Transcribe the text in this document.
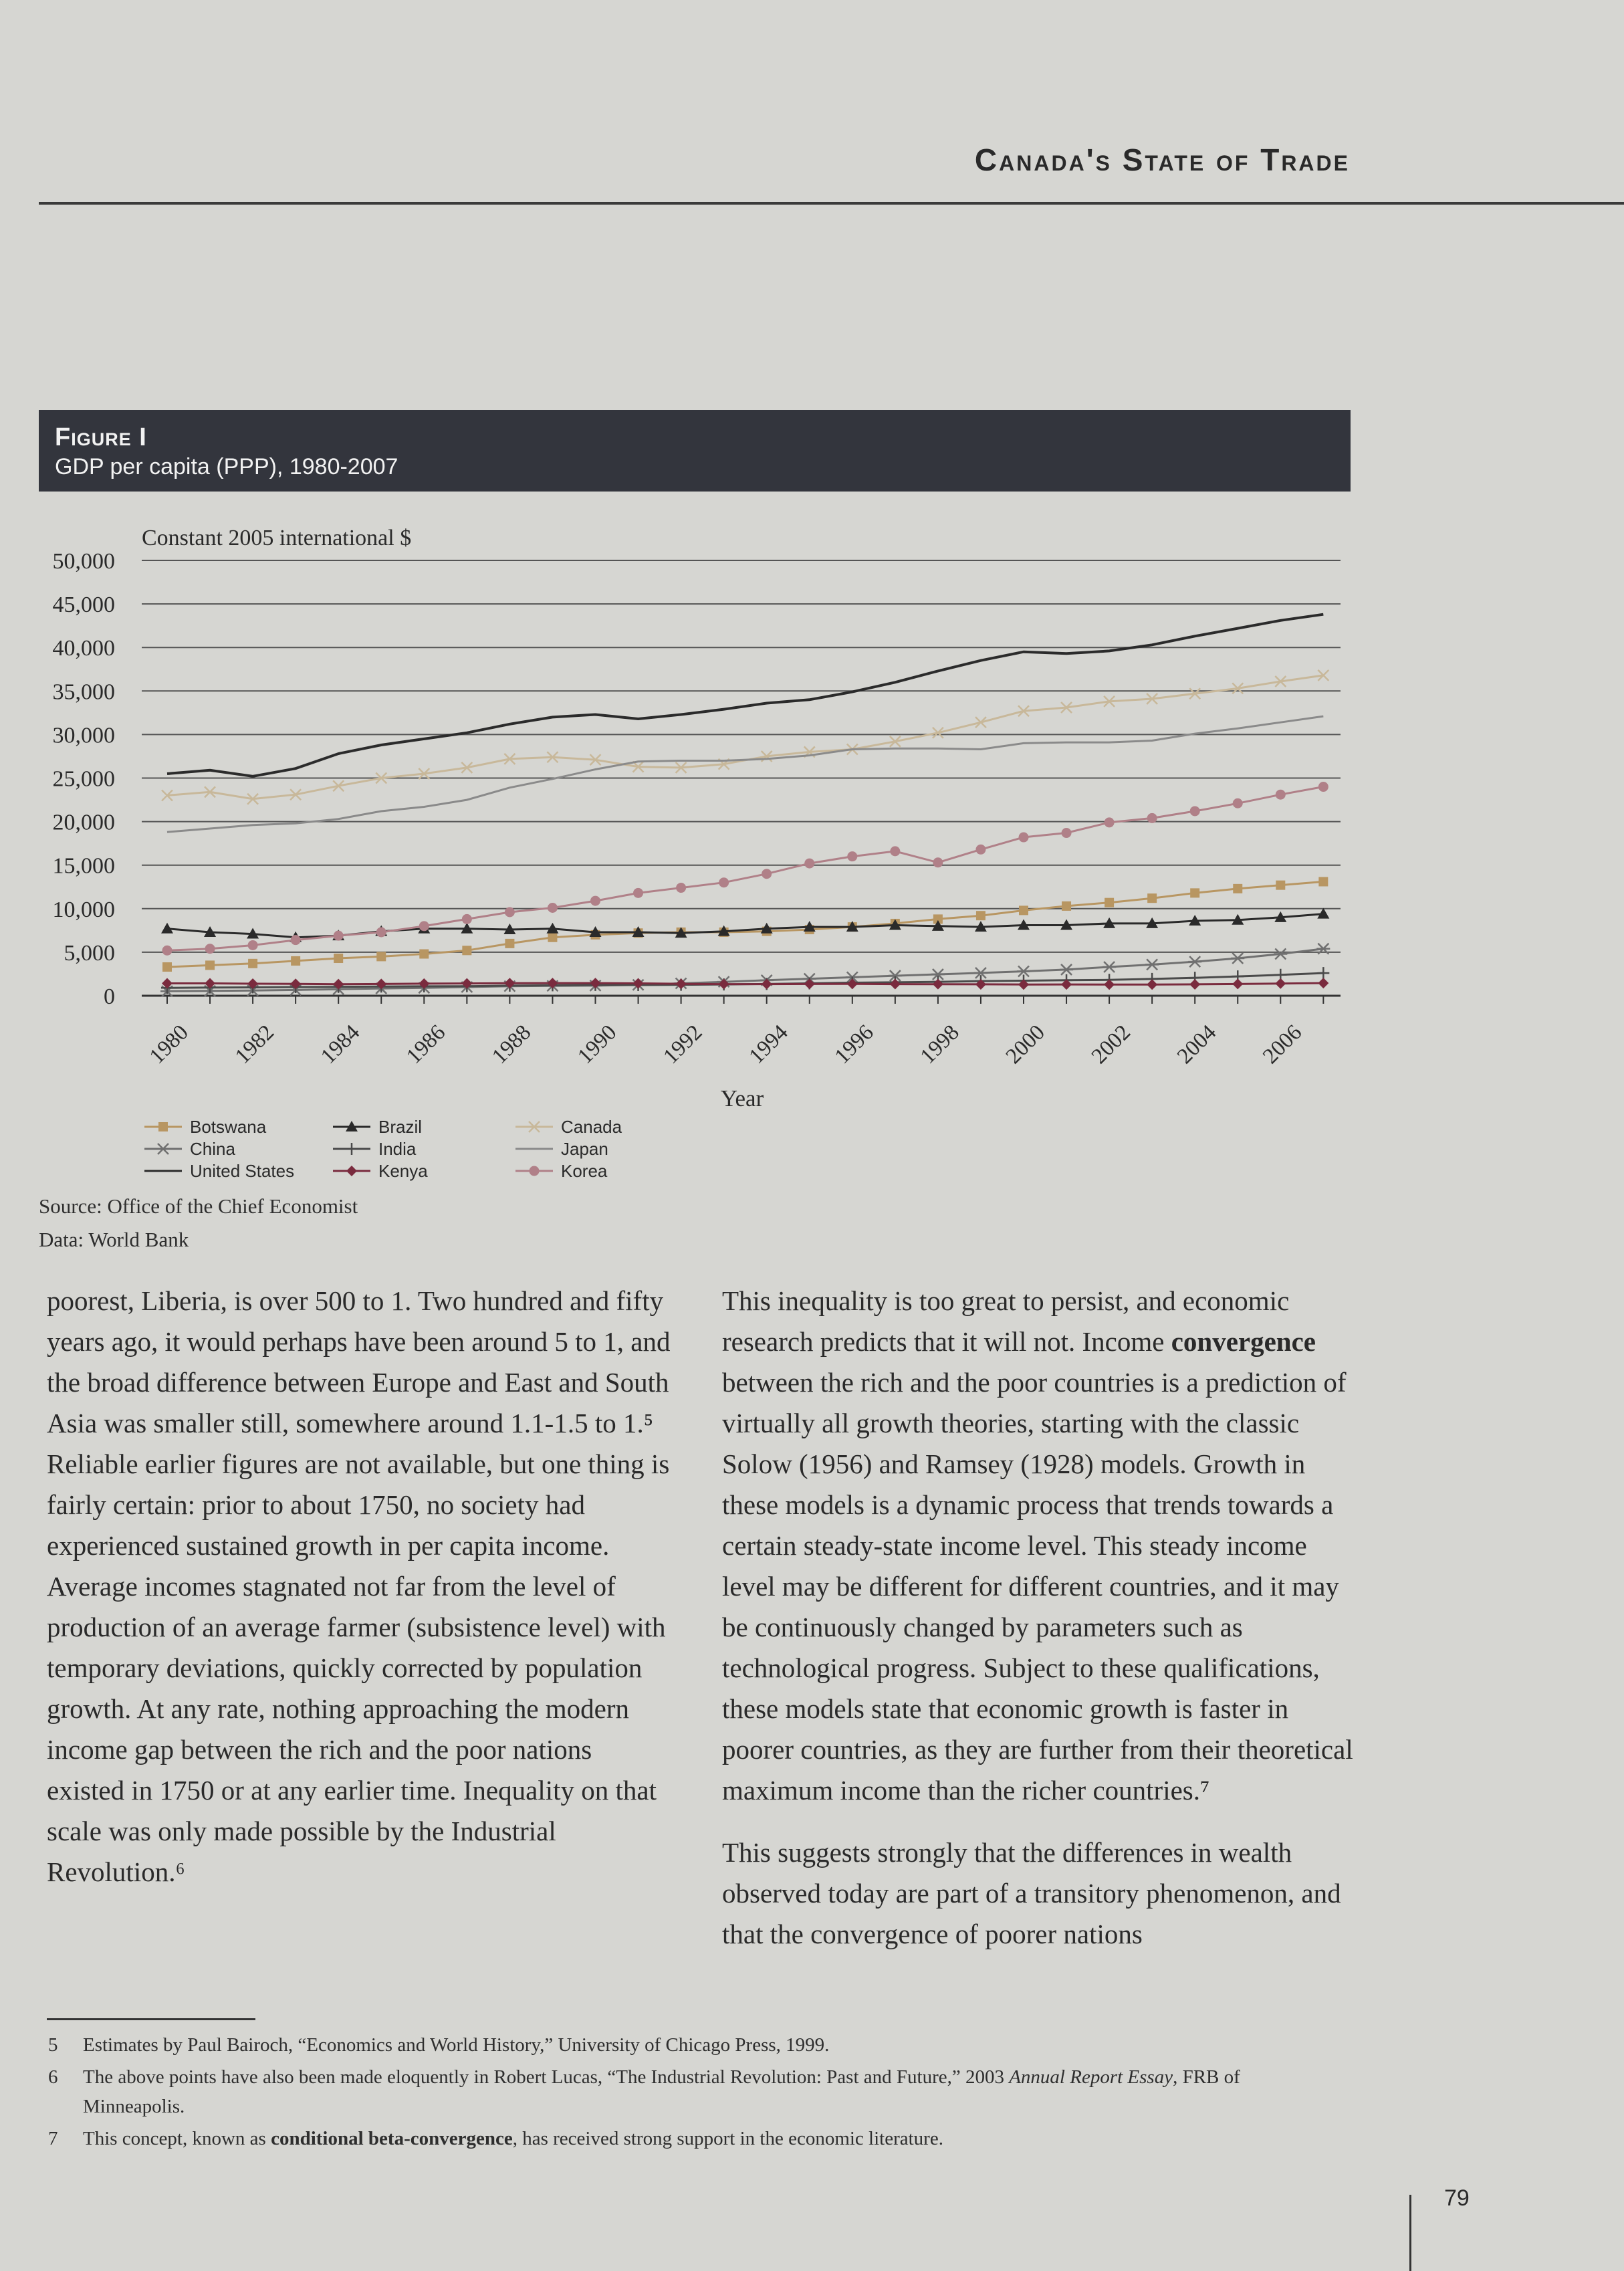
Canada's State of Trade
Figure I
GDP per capita (PPP), 1980-2007
Constant 2005 international $
0
5,000
10,000
15,000
20,000
25,000
30,000
35,000
40,000
45,000
50,000
1980 1982 1984 1986 1988 1990 1992 1994 1996 1998 2000 2002 2004 2006
Year
Botswana	Brazil	Canada
China	India	Japan
United States	Kenya	Korea
Source: Office of the Chief Economist
Data: World Bank

poorest, Liberia, is over 500 to 1. Two hundred and fifty years ago, it would perhaps have been around 5 to 1, and the broad difference between Europe and East and South Asia was smaller still, somewhere around 1.1-1.5 to 1.⁵ Reliable earlier figures are not available, but one thing is fairly certain: prior to about 1750, no society had experienced sustained growth in per capita income. Average incomes stagnated not far from the level of production of an average farmer (subsistence level) with temporary deviations, quickly corrected by population growth. At any rate, nothing approaching the modern income gap between the rich and the poor nations existed in 1750 or at any earlier time. Inequality on that scale was only made possible by the Industrial Revolution.⁶

This inequality is too great to persist, and economic research predicts that it will not. Income convergence between the rich and the poor countries is a prediction of virtually all growth theories, starting with the classic Solow (1956) and Ramsey (1928) models. Growth in these models is a dynamic process that trends towards a certain steady-state income level. This steady income level may be different for different countries, and it may be continuously changed by parameters such as technological progress. Subject to these qualifications, these models state that economic growth is faster in poorer countries, as they are further from their theoretical maximum income than the richer countries.⁷

This suggests strongly that the differences in wealth observed today are part of a transitory phenomenon, and that the convergence of poorer nations

5	Estimates by Paul Bairoch, “Economics and World History,” University of Chicago Press, 1999.
6	The above points have also been made eloquently in Robert Lucas, “The Industrial Revolution: Past and Future,” 2003 Annual Report Essay, FRB of Minneapolis.
7	This concept, known as conditional beta-convergence, has received strong support in the economic literature.
79
